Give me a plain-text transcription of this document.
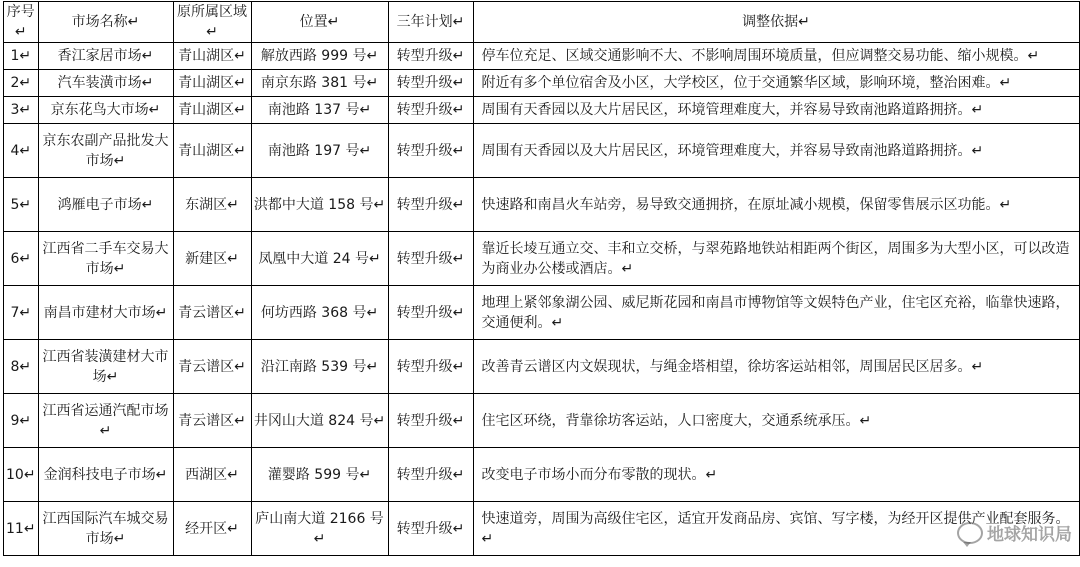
序号↵	市场名称↵	原所属区域↵	位置↵	三年计划↵	调整依据↵
1↵	香江家居市场↵	青山湖区↵	解放西路 999 号↵	转型升级↵	停车位充足、区域交通影响不大、不影响周围环境质量，但应调整交易功能、缩小规模。↵
2↵	汽车装潢市场↵	青山湖区↵	南京东路 381 号↵	转型升级↵	附近有多个单位宿舍及小区，大学校区，位于交通繁华区域，影响环境，整治困难。↵
3↵	京东花鸟大市场↵	青山湖区↵	南池路 137 号↵	转型升级↵	周围有天香园以及大片居民区，环境管理难度大，并容易导致南池路道路拥挤。↵
4↵	京东农副产品批发大市场↵	青山湖区↵	南池路 197 号↵	转型升级↵	周围有天香园以及大片居民区，环境管理难度大，并容易导致南池路道路拥挤。↵
5↵	鸿雁电子市场↵	东湖区↵	洪都中大道 158 号↵	转型升级↵	快速路和南昌火车站旁，易导致交通拥挤，在原址减小规模，保留零售展示区功能。↵
6↵	江西省二手车交易大市场↵	新建区↵	凤凰中大道 24 号↵	转型升级↵	靠近长堎互通立交、丰和立交桥，与翠苑路地铁站相距两个街区，周围多为大型小区，可以改造为商业办公楼或酒店。↵
7↵	南昌市建材大市场↵	青云谱区↵	何坊西路 368 号↵	转型升级↵	地理上紧邻象湖公园、威尼斯花园和南昌市博物馆等文娱特色产业，住宅区充裕，临靠快速路，交通便利。↵
8↵	江西省装潢建材大市场↵	青云谱区↵	沿江南路 539 号↵	转型升级↵	改善青云谱区内文娱现状，与绳金塔相望，徐坊客运站相邻，周围居民区居多。↵
9↵	江西省运通汽配市场↵	青云谱区↵	井冈山大道 824 号↵	转型升级↵	住宅区环绕，背靠徐坊客运站，人口密度大，交通系统承压。↵
10↵	金润科技电子市场↵	西湖区↵	灌婴路 599 号↵	转型升级↵	改变电子市场小而分布零散的现状。↵
11↵	江西国际汽车城交易市场↵	经开区↵	庐山南大道 2166 号↵	转型升级↵	快速道旁，周围为高级住宅区，适宜开发商品房、宾馆、写字楼，为经开区提供产业配套服务。↵	地球知识局
